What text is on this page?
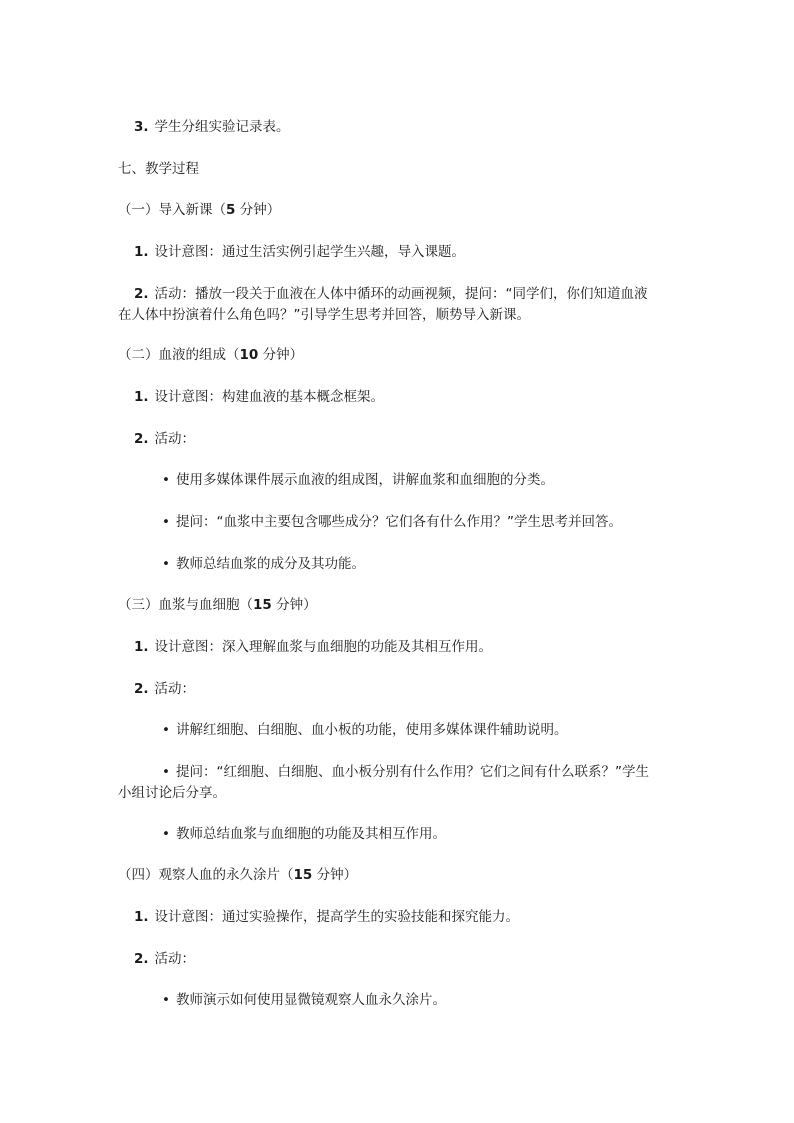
3. 学生分组实验记录表。
七、教学过程
（一）导入新课（5 分钟）
1. 设计意图：通过生活实例引起学生兴趣，导入课题。
2. 活动：播放一段关于血液在人体中循环的动画视频，提问：“同学们，你们知道血液
在人体中扮演着什么角色吗？”引导学生思考并回答，顺势导入新课。
（二）血液的组成（10 分钟）
1. 设计意图：构建血液的基本概念框架。
2. 活动：
• 使用多媒体课件展示血液的组成图，讲解血浆和血细胞的分类。
• 提问：“血浆中主要包含哪些成分？它们各有什么作用？”学生思考并回答。
• 教师总结血浆的成分及其功能。
（三）血浆与血细胞（15 分钟）
1. 设计意图：深入理解血浆与血细胞的功能及其相互作用。
2. 活动：
• 讲解红细胞、白细胞、血小板的功能，使用多媒体课件辅助说明。
• 提问：“红细胞、白细胞、血小板分别有什么作用？它们之间有什么联系？”学生
小组讨论后分享。
• 教师总结血浆与血细胞的功能及其相互作用。
（四）观察人血的永久涂片（15 分钟）
1. 设计意图：通过实验操作，提高学生的实验技能和探究能力。
2. 活动：
• 教师演示如何使用显微镜观察人血永久涂片。
